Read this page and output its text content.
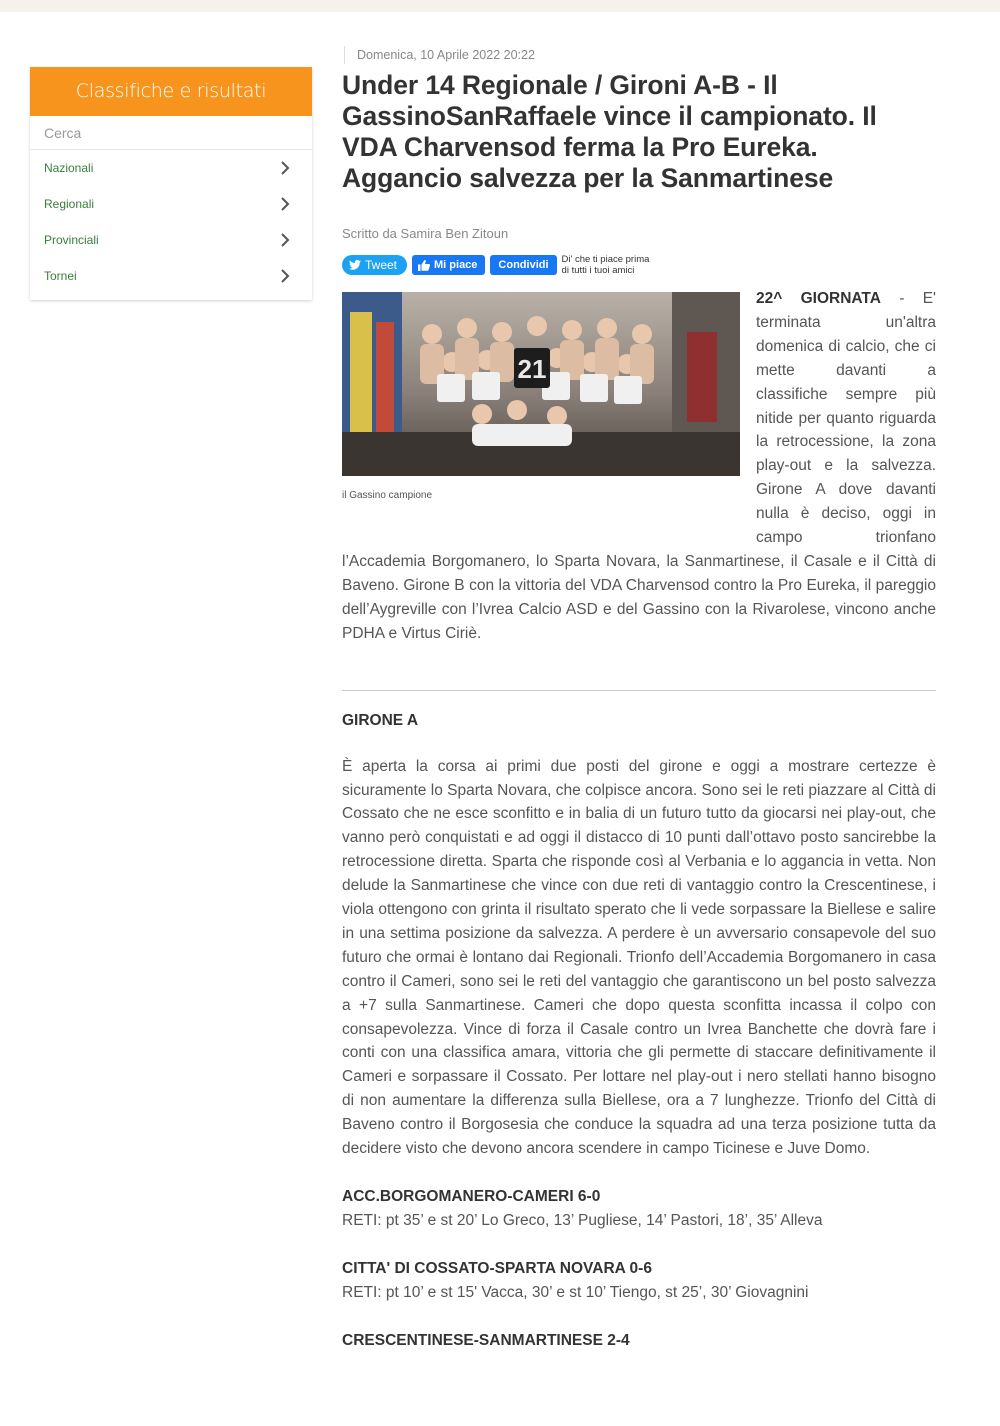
Classifiche e risultati
Cerca
Nazionali
Regionali
Provinciali
Tornei
Domenica, 10 Aprile 2022 20:22
Under 14 Regionale / Gironi A-B - Il GassinoSanRaffaele vince il campionato. Il VDA Charvensod ferma la Pro Eureka. Aggancio salvezza per la Sanmartinese
Scritto da Samira Ben Zitoun
Tweet	Mi piace	Condividi	Di' che ti piace prima di tutti i tuoi amici
21
il Gassino campione
22^ GIORNATA - E' terminata un'altra domenica di calcio, che ci mette davanti a classifiche sempre più nitide per quanto riguarda la retrocessione, la zona play-out e la salvezza. Girone A dove davanti nulla è deciso, oggi in campo trionfano l’Accademia Borgomanero, lo Sparta Novara, la Sanmartinese, il Casale e il Città di Baveno. Girone B con la vittoria del VDA Charvensod contro la Pro Eureka, il pareggio dell’Aygreville con l’Ivrea Calcio ASD e del Gassino con la Rivarolese, vincono anche PDHA e Virtus Ciriè.
GIRONE A

È aperta la corsa ai primi due posti del girone e oggi a mostrare certezze è sicuramente lo Sparta Novara, che colpisce ancora. Sono sei le reti piazzare al Città di Cossato che ne esce sconfitto e in balia di un futuro tutto da giocarsi nei play-out, che vanno però conquistati e ad oggi il distacco di 10 punti dall’ottavo posto sancirebbe la retrocessione diretta. Sparta che risponde così al Verbania e lo aggancia in vetta. Non delude la Sanmartinese che vince con due reti di vantaggio contro la Crescentinese, i viola ottengono con grinta il risultato sperato che li vede sorpassare la Biellese e salire in una settima posizione da salvezza. A perdere è un avversario consapevole del suo futuro che ormai è lontano dai Regionali. Trionfo dell’Accademia Borgomanero in casa contro il Cameri, sono sei le reti del vantaggio che garantiscono un bel posto salvezza a +7 sulla Sanmartinese. Cameri che dopo questa sconfitta incassa il colpo con consapevolezza. Vince di forza il Casale contro un Ivrea Banchette che dovrà fare i conti con una classifica amara, vittoria che gli permette di staccare definitivamente il Cameri e sorpassare il Cossato. Per lottare nel play-out i nero stellati hanno bisogno di non aumentare la differenza sulla Biellese, ora a 7 lunghezze. Trionfo del Città di Baveno contro il Borgosesia che conduce la squadra ad una terza posizione tutta da decidere visto che devono ancora scendere in campo Ticinese e Juve Domo.

ACC.BORGOMANERO-CAMERI 6-0
RETI: pt 35’ e st 20’ Lo Greco, 13’ Pugliese, 14’ Pastori, 18’, 35’ Alleva
CITTA' DI COSSATO-SPARTA NOVARA 0-6
RETI: pt 10’ e st 15' Vacca, 30’ e st 10’ Tiengo, st 25’, 30’ Giovagnini
CRESCENTINESE-SANMARTINESE 2-4
